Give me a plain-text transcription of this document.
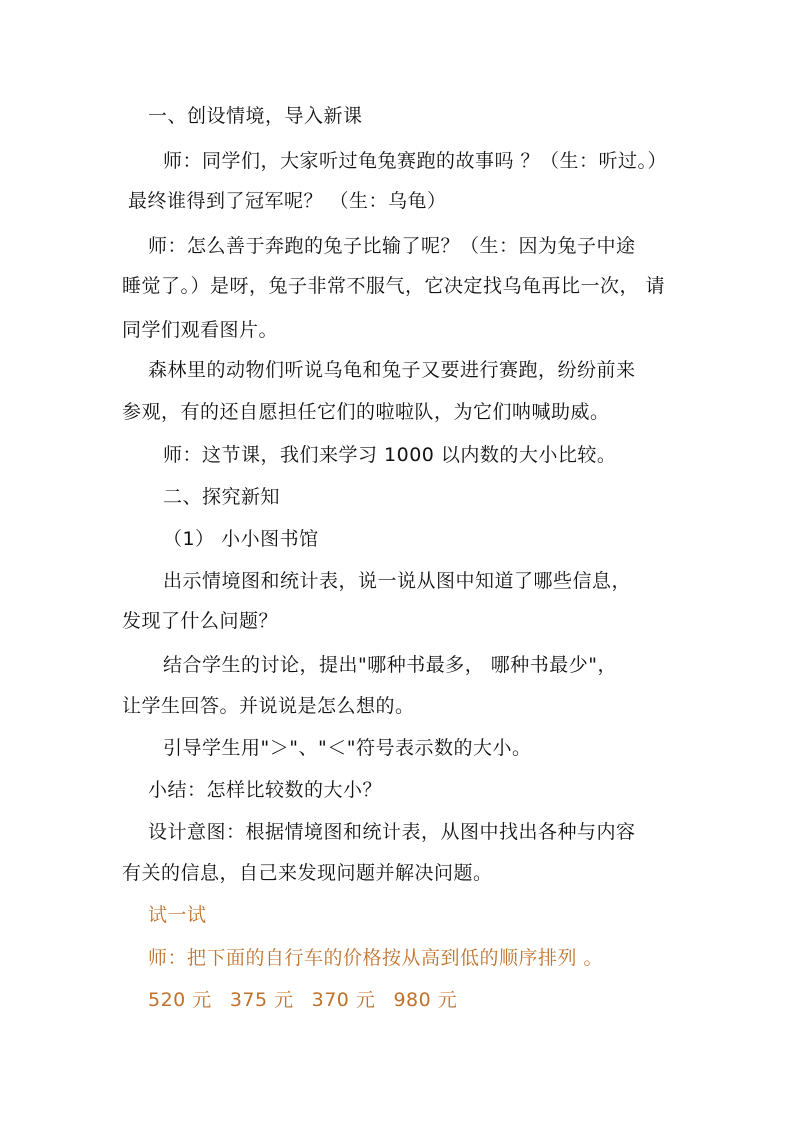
一、创设情境，导入新课
师：同学们，大家听过龟兔赛跑的故事吗 ？（生：听过。）
最终谁得到了冠军呢？ （生：乌龟）
师：怎么善于奔跑的兔子比输了呢？（生：因为兔子中途
睡觉了。）是呀，兔子非常不服气，它决定找乌龟再比一次， 请
同学们观看图片。
森林里的动物们听说乌龟和兔子又要进行赛跑，纷纷前来
参观，有的还自愿担任它们的啦啦队，为它们呐喊助威。
师：这节课，我们来学习 1000 以内数的大小比较。
二、探究新知
（1） 小小图书馆
出示情境图和统计表，说一说从图中知道了哪些信息，
发现了什么问题？
结合学生的讨论，提出"哪种书最多， 哪种书最少"，
让学生回答。并说说是怎么想的。
引导学生用"＞"、"＜"符号表示数的大小。
小结：怎样比较数的大小？
设计意图：根据情境图和统计表，从图中找出各种与内容
有关的信息，自己来发现问题并解决问题。
试一试
师：把下面的自行车的价格按从高到低的顺序排列 。
520 元 375 元 370 元 980 元
